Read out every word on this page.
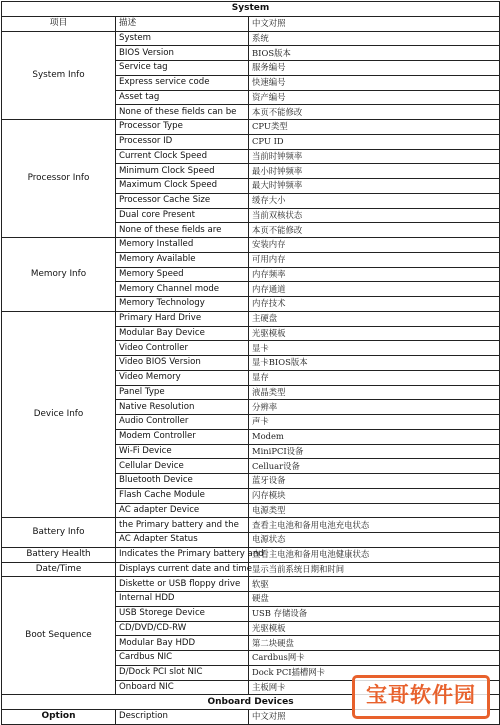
System		
项目	描述	中文对照
System Info	System	系统
	BIOS Version	BIOS版本
	Service tag	服务编号
	Express service code	快速编号
	Asset tag	资产编号
	None of these fields can be	本页不能修改
Processor Info	Processor Type	CPU类型
	Processor ID	CPU ID
	Current Clock Speed	当前时钟频率
	Minimum Clock Speed	最小时钟频率
	Maximum Clock Speed	最大时钟频率
	Processor Cache Size	缓存大小
	Dual core Present	当前双核状态
	None of these fields are	本页不能修改
Memory Info	Memory Installed	安装内存
	Memory Available	可用内存
	Memory Speed	内存频率
	Memory Channel mode	内存通道
	Memory Technology	内存技术
Device Info	Primary Hard Drive	主硬盘
	Modular Bay Device	光驱模板
	Video Controller	显卡
	Video BIOS Version	显卡BIOS版本
	Video Memory	显存
	Panel Type	液晶类型
	Native Resolution	分辨率
	Audio Controller	声卡
	Modem Controller	Modem
	Wi-Fi Device	MiniPCI设备
	Cellular Device	Celluar设备
	Bluetooth Device	蓝牙设备
	Flash Cache Module	闪存模块
	AC adapter Device	电源类型
Battery Info	the Primary battery and the	查看主电池和备用电池充电状态
	AC Adapter Status	电源状态
Battery Health	Indicates the Primary battery and	查看主电池和备用电池健康状态
Date/Time	Displays current date and time	显示当前系统日期和时间
Boot Sequence	Diskette or USB floppy drive	软驱
	Internal HDD	硬盘
	USB Storege Device	USB 存储设备
	CD/DVD/CD-RW	光驱模板
	Modular Bay HDD	第二块硬盘
	Cardbus NIC	Cardbus网卡
	D/Dock PCI slot NIC	Dock PCI插槽网卡
	Onboard NIC	主板网卡
Onboard Devices		
Option	Description	中文对照
宝哥软件园
